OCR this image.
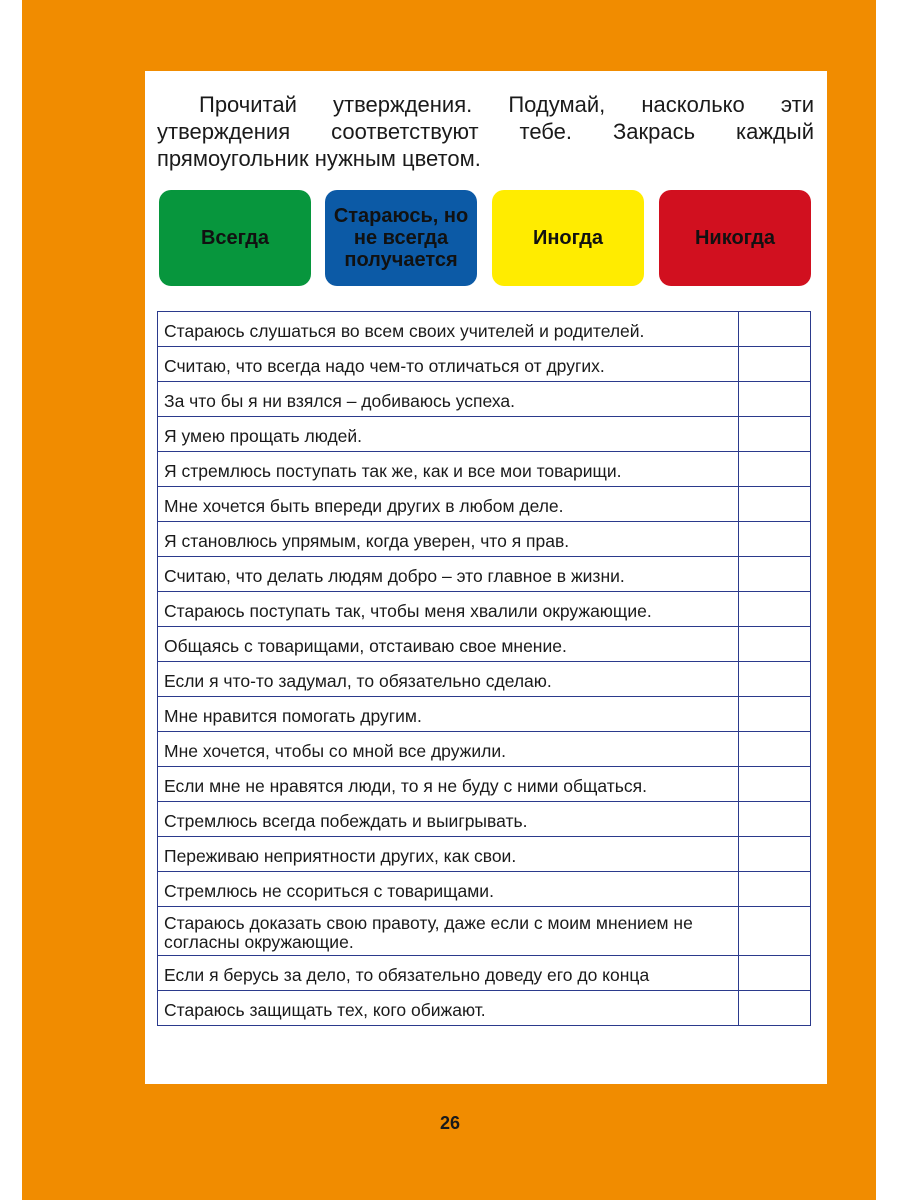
Прочитай утверждения. Подумай, насколько эти утверждения соответствуют тебе. Закрась каждый прямоугольник нужным цветом.

Всегда
Стараюсь, но не всегда получается
Иногда	Никогда
Стараюсь слушаться во всем своих учителей и родителей.	
Считаю, что всегда надо чем-то отличаться от других.	
За что бы я ни взялся – добиваюсь успеха.	
Я умею прощать людей.	
Я стремлюсь поступать так же, как и все мои товарищи.	
Мне хочется быть впереди других в любом деле.	
Я становлюсь упрямым, когда уверен, что я прав.	
Считаю, что делать людям добро – это главное в жизни.	
Стараюсь поступать так, чтобы меня хвалили окружающие.	
Общаясь с товарищами, отстаиваю свое мнение.	
Если я что-то задумал, то обязательно сделаю.	
Мне нравится помогать другим.	
Мне хочется, чтобы со мной все дружили.	
Если мне не нравятся люди, то я не буду с ними общаться.	
Стремлюсь всегда побеждать и выигрывать.	
Переживаю неприятности других, как свои.	
Стремлюсь не ссориться с товарищами.	
Стараюсь доказать свою правоту, даже если с моим мнением не согласны окружающие.	
Если я берусь за дело, то обязательно доведу его до конца	
Стараюсь защищать тех, кого обижают.	
26
